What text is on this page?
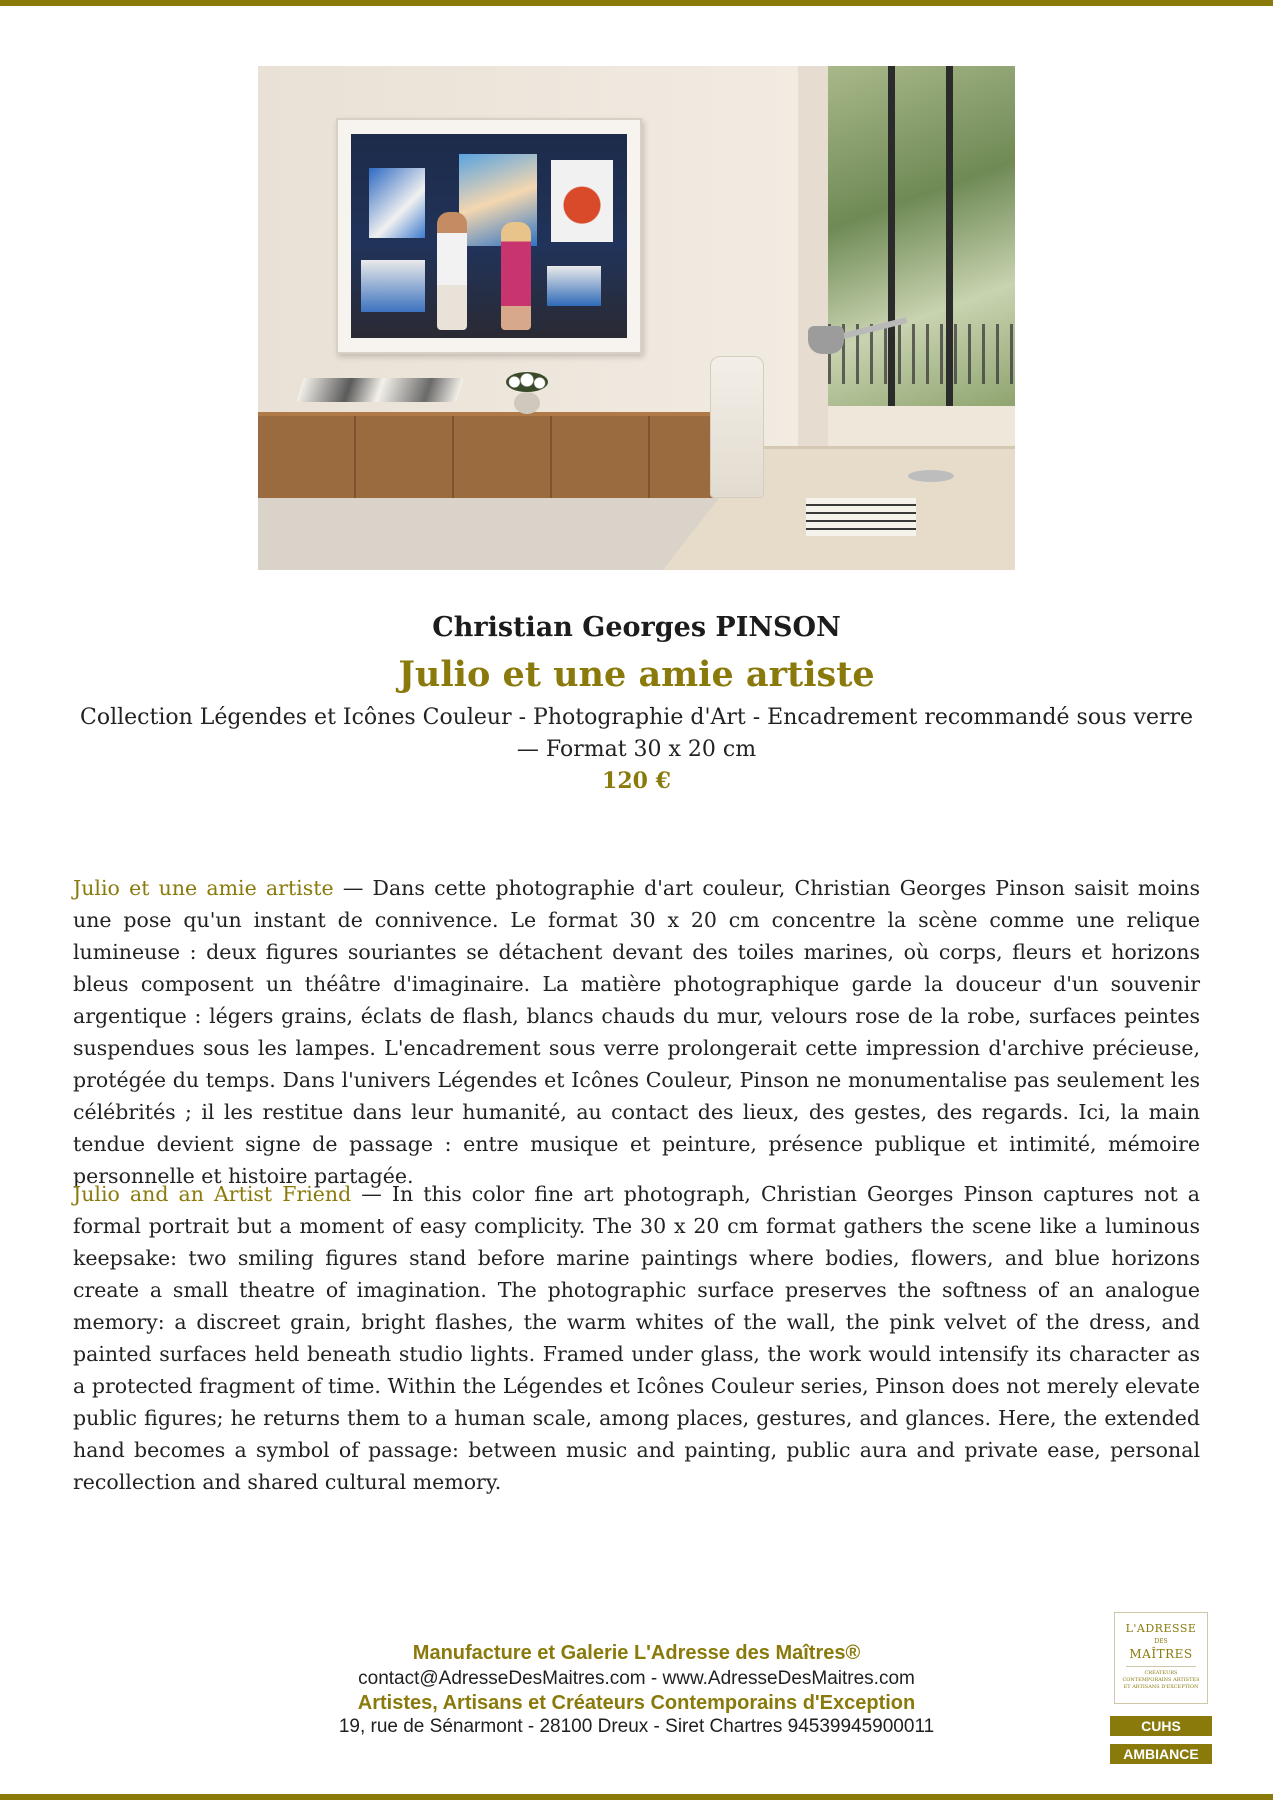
Christian Georges PINSON
Julio et une amie artiste
Collection Légendes et Icônes Couleur - Photographie d'Art - Encadrement recommandé sous verre — Format 30 x 20 cm
120 €

Julio et une amie artiste — Dans cette photographie d'art couleur, Christian Georges Pinson saisit moins une pose qu'un instant de connivence. Le format 30 x 20 cm concentre la scène comme une relique lumineuse : deux figures souriantes se détachent devant des toiles marines, où corps, fleurs et horizons bleus composent un théâtre d'imaginaire. La matière photographique garde la douceur d'un souvenir argentique : légers grains, éclats de flash, blancs chauds du mur, velours rose de la robe, surfaces peintes suspendues sous les lampes. L'encadrement sous verre prolongerait cette impression d'archive précieuse, protégée du temps. Dans l'univers Légendes et Icônes Couleur, Pinson ne monumentalise pas seulement les célébrités ; il les restitue dans leur humanité, au contact des lieux, des gestes, des regards. Ici, la main tendue devient signe de passage : entre musique et peinture, présence publique et intimité, mémoire personnelle et histoire partagée.

Julio and an Artist Friend — In this color fine art photograph, Christian Georges Pinson captures not a formal portrait but a moment of easy complicity. The 30 x 20 cm format gathers the scene like a luminous keepsake: two smiling figures stand before marine paintings where bodies, flowers, and blue horizons create a small theatre of imagination. The photographic surface preserves the softness of an analogue memory: a discreet grain, bright flashes, the warm whites of the wall, the pink velvet of the dress, and painted surfaces held beneath studio lights. Framed under glass, the work would intensify its character as a protected fragment of time. Within the Légendes et Icônes Couleur series, Pinson does not merely elevate public figures; he returns them to a human scale, among places, gestures, and glances. Here, the extended hand becomes a symbol of passage: between music and painting, public aura and private ease, personal recollection and shared cultural memory.

Manufacture et Galerie L'Adresse des Maîtres®
contact@AdresseDesMaitres.com - www.AdresseDesMaitres.com
Artistes, Artisans et Créateurs Contemporains d'Exception
19, rue de Sénarmont - 28100 Dreux - Siret Chartres 94539945900011
L'ADRESSE
DES
MAÎTRES
CRÉATEURS CONTEMPORAINS ARTISTES ET ARTISANS D'EXCEPTION
CUHS
AMBIANCE
